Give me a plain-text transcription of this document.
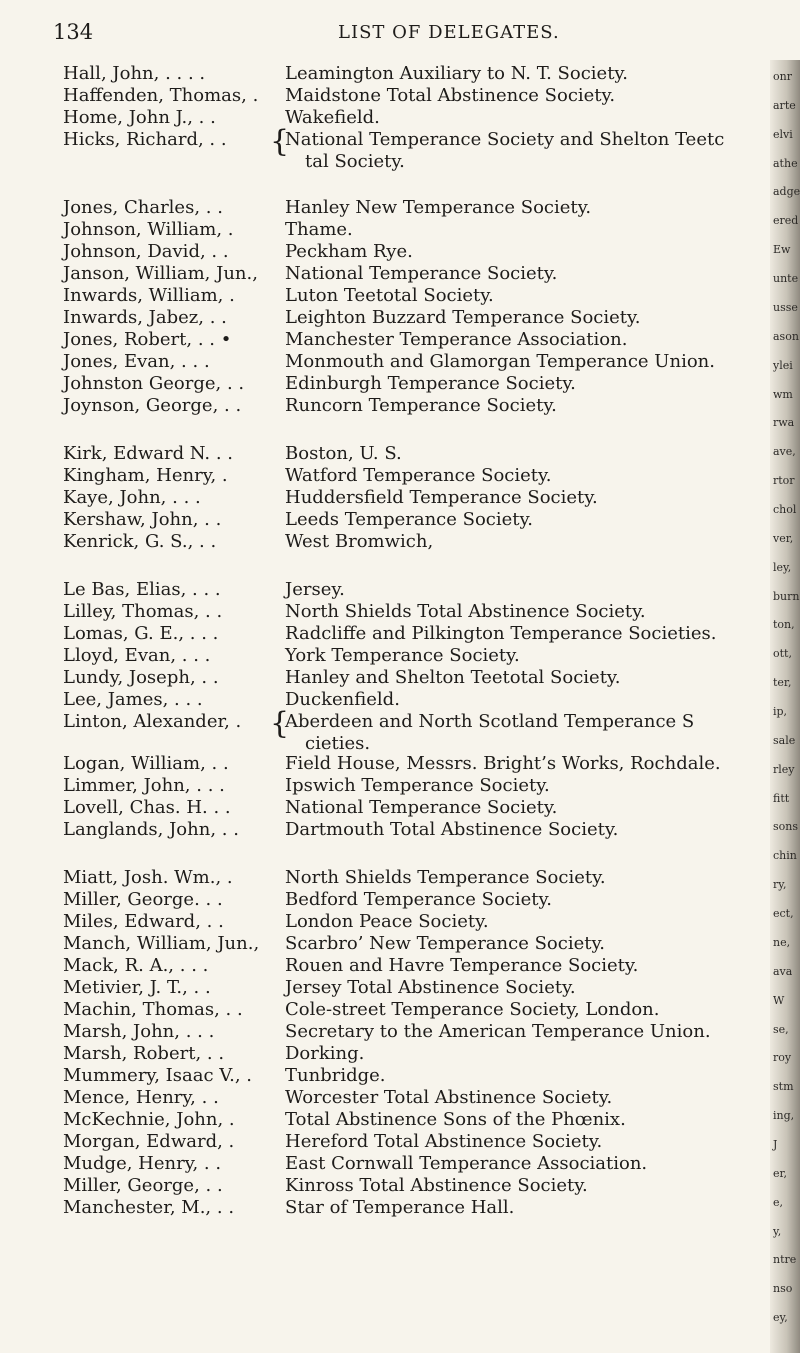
134	LIST OF DELEGATES.
Hall, John, . . . .	Leamington Auxiliary to N. T. Society.
Haffenden, Thomas, . Maidstone Total Abstinence Society.
Home, John J., . .	Wakefield.
Hicks, Richard, . .	National Temperance Society and Shelton Teetc
tal Society.
{
Jones, Charles, . .	Hanley New Temperance Society.
Johnson, William, .	Thame.
Johnson, David, . .	Peckham Rye.
Janson, William, Jun., National Temperance Society.
Inwards, William, .	Luton Teetotal Society.
Inwards, Jabez, . .	Leighton Buzzard Temperance Society.
Jones, Robert, . . •	Manchester Temperance Association.
Jones, Evan, . . .	Monmouth and Glamorgan Temperance Union.
Johnston George, . . Edinburgh Temperance Society.
Joynson, George, . . Runcorn Temperance Society.
Kirk, Edward N. . .	Boston, U. S.
Kingham, Henry, .	Watford Temperance Society.
Kaye, John, . . .	Huddersfield Temperance Society.
Kershaw, John, . .	Leeds Temperance Society.
Kenrick, G. S., . .	West Bromwich,
Le Bas, Elias, . . .	Jersey.
Lilley, Thomas, . .	North Shields Total Abstinence Society.
Lomas, G. E., . . .	Radcliffe and Pilkington Temperance Societies.
Lloyd, Evan, . . .	York Temperance Society.
Lundy, Joseph, . .	Hanley and Shelton Teetotal Society.
Lee, James, . . .	Duckenfield.
Linton, Alexander, . Aberdeen and North Scotland Temperance S
cieties.
{
Logan, William, . .	Field House, Messrs. Bright’s Works, Rochdale.
Limmer, John, . . .	Ipswich Temperance Society.
Lovell, Chas. H. . .	National Temperance Society.
Langlands, John, . .	Dartmouth Total Abstinence Society.
Miatt, Josh. Wm., .	North Shields Temperance Society.
Miller, George. . .	Bedford Temperance Society.
Miles, Edward, . .	London Peace Society.
Manch, William, Jun., Scarbro’ New Temperance Society.
Mack, R. A., . . .	Rouen and Havre Temperance Society.
Metivier, J. T., . .	Jersey Total Abstinence Society.
Machin, Thomas, . . Cole-street Temperance Society, London.
Marsh, John, . . .	Secretary to the American Temperance Union.
Marsh, Robert, . .	Dorking.
Mummery, Isaac V., . Tunbridge.
Mence, Henry, . .	Worcester Total Abstinence Society.
McKechnie, John, .	Total Abstinence Sons of the Phœnix.
Morgan, Edward, .	Hereford Total Abstinence Society.
Mudge, Henry, . .	East Cornwall Temperance Association.
Miller, George, . .	Kinross Total Abstinence Society.
Manchester, M., . .	Star of Temperance Hall.
onr
arte
elvi
athe
adge
ered
Ew
unte
usse
ason
ylei
wm
rwa
ave,
rtor
chol
ver,
ley,
burn
ton,
ott,
ter,
ip,
sale
rley
fitt
sons
chin
ry,
ect,
ne,
ava
W
se,
roy
stm
ing,
J
er,
e,
y,
ntre
nso
ey,
